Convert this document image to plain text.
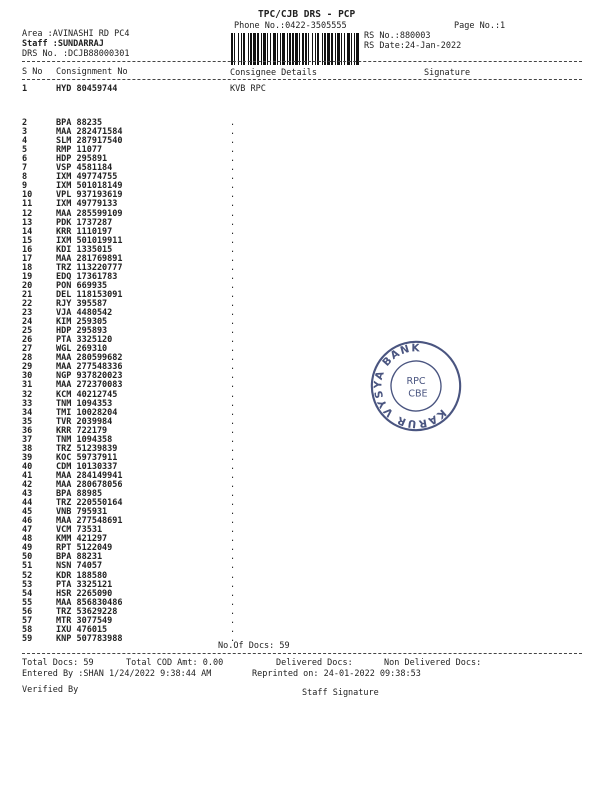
TPC/CJB DRS - PCP
Phone No.:0422-3505555	Page No.:1
Area :AVINASHI RD PC4
Staff :SUNDARRAJ
DRS No. :DCJB88000301
RS No.:880003
RS Date:24-Jan-2022
S No Consignment No	Consignee Details	Signature
1	HYD 80459744	KVB RPC
2	BPA 88235	.
3	MAA 282471584	.
4	SLM 287917540	.
5	RMP 11077	.
6	HDP 295891	.
7	VSP 4581184	.
8	IXM 49774755	.
9	IXM 501018149	.
10	VPL 937193619	.
11	IXM 49779133	.
12	MAA 285599109	.
13	PDK 1737287	.
14	KRR 1110197	.
15	IXM 501019911	.
16	KDI 1335015	.
17	MAA 281769891	.
18	TRZ 113220777	.
19	EDQ 17361783	.
20	PON 669935	.
21	DEL 118153091	.
22	RJY 395587	.
23	VJA 4480542	.
24	KIM 259305	.
25	HDP 295893	.
26	PTA 3325120	.
27	WGL 269310	.
28	MAA 280599682	.
29	MAA 277548336	.
30	NGP 937820023	.
31	MAA 272370083	.
32	KCM 40212745	.
33	TNM 1094353	.
34	TMI 10028204	.
35	TVR 2039984	.
36	KRR 722179	.
37	TNM 1094358	.
38	TRZ 51239839	.
39	KOC 59737911	.
40	CDM 10130337	.
41	MAA 284149941	.
42	MAA 280678056	.
43	BPA 88985	.
44	TRZ 220550164	.
45	VNB 795931	.
46	MAA 277548691	.
47	VCM 73531	.
48	KMM 421297	.
49	RPT 5122049	.
50	BPA 88231	.
51	NSN 74057	.
52	KDR 188580	.
53	PTA 3325121	.
54	HSR 2265090	.
55	MAA 856830486	.
56	TRZ 53629228	.
57	MTR 3077549	.
58	IXU 476015	.
59	KNP 507783988	.
KARUR VYSYA BANK
RPC
CBE
No.Of Docs: 59
Total Docs: 59	Total COD Amt: 0.00	Delivered Docs:	Non Delivered Docs:
Entered By :SHAN 1/24/2022 9:38:44 AM	Reprinted on: 24-01-2022 09:38:53
Verified By	Staff Signature
